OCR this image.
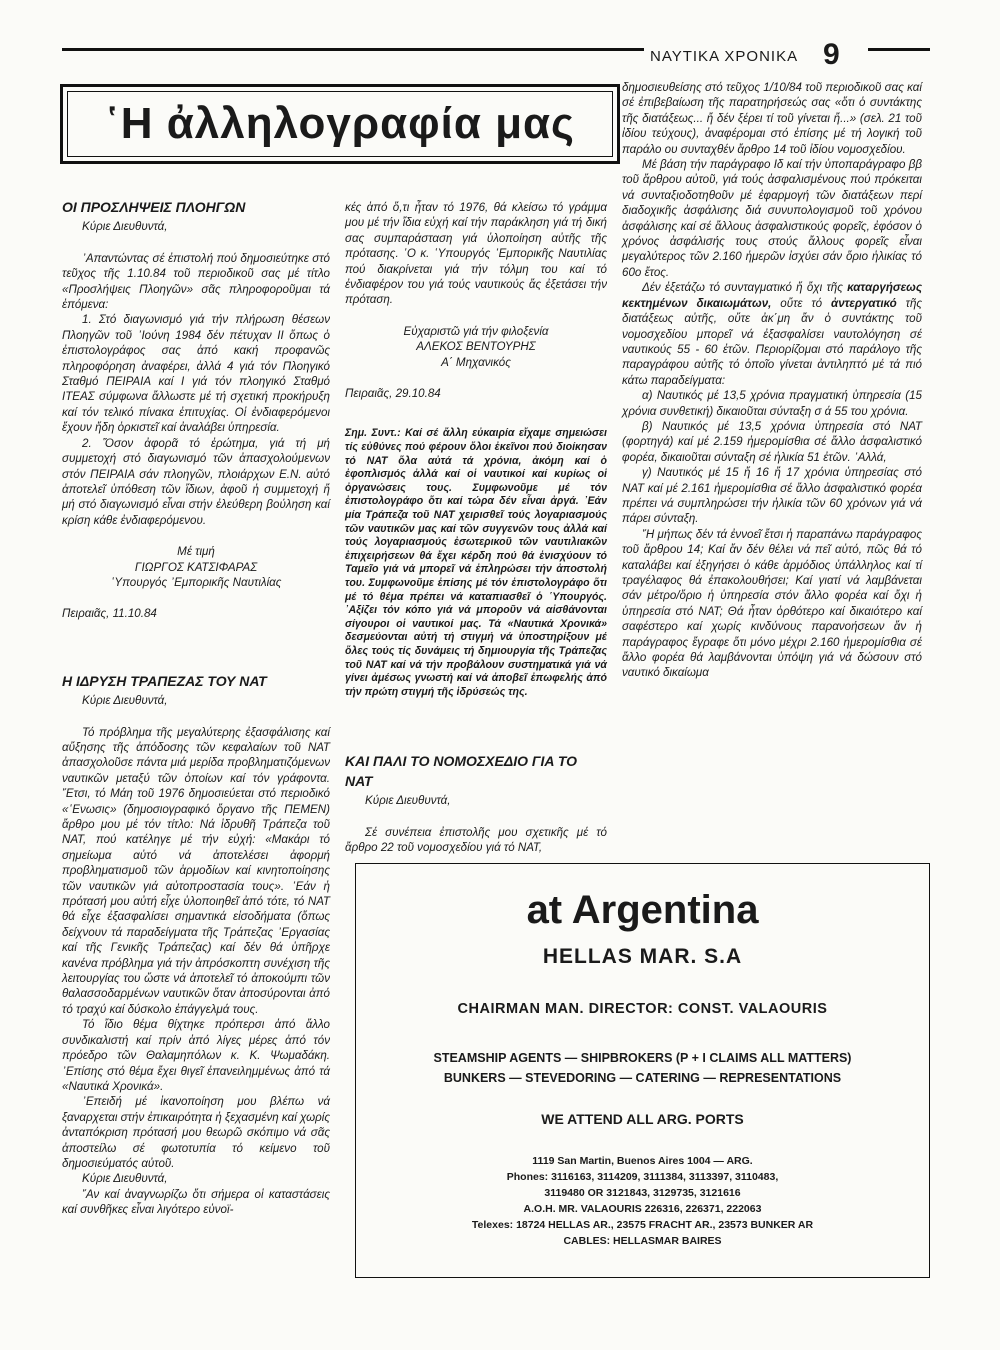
ΝΑΥΤΙΚΑ ΧΡΟΝΙΚΑ 9
῾Η ἀλληλογραφία μας

ΟΙ ΠΡΟΣΛΗΨΕΙΣ ΠΛΟΗΓΩΝ

Κύριε Διευθυντά,

᾿Απαντώντας σέ ἐπιστολή πού δημοσιεύτηκε στό τεῦχος τῆς 1.10.84 τοῦ περιοδικοῦ σας μέ τίτλο «Προσλήψεις Πλοηγῶν» σᾶς πληροφοροῦμαι τά ἑπόμενα:

1. Στό διαγωνισμό γιά τήν πλήρωση θέσεων Πλοηγῶν τοῦ ᾿Ιούνη 1984 δέν πέτυχαν ΙΙ ὅπως ὁ ἐπιστολογράφος σας ἀπό κακή προφανῶς πληροφόρηση ἀναφέρει, ἀλλά 4 γιά τόν Πλοηγικό Σταθμό ΠΕΙΡΑΙΑ καί Ι γιά τόν πλοηγικό Σταθμό ΙΤΕΑΣ σύμφωνα ἄλλωστε μέ τή σχετική προκήρυξη καί τόν τελικό πίνακα ἐπιτυχίας. Οἱ ἐνδιαφερόμενοι ἔχουν ἤδη ὁρκιστεῖ καί ἀναλάβει ὑπηρεσία.

2. Ὅσον ἀφορᾶ τό ἐρώτημα, γιά τή μή συμμετοχή στό διαγωνισμό τῶν ἀπασχολούμενων στόν ΠΕΙΡΑΙΑ σάν πλοηγῶν, πλοιάρχων Ε.Ν. αὐτό ἀποτελεῖ ὑπόθεση τῶν ἴδιων, ἀφοῦ ἡ συμμετοχή ἤ μή στό διαγωνισμό εἶναι στήν ἐλεύθερη βούληση καί κρίση κάθε ἐνδιαφερόμενου.

Μέ τιμή

ΓΙΩΡΓΟΣ ΚΑΤΣΙΦΑΡΑΣ

῾Υπουργός ᾿Εμπορικῆς Ναυτιλίας

Πειραιᾶς, 11.10.84

Η ΙΔΡΥΣΗ ΤΡΑΠΕΖΑΣ ΤΟΥ ΝΑΤ

Κύριε Διευθυντά,

Τό πρόβλημα τῆς μεγαλύτερης ἐξασφάλισης καί αὔξησης τῆς ἀπόδοσης τῶν κεφαλαίων τοῦ ΝΑΤ ἀπασχολοῦσε πάντα μιά μερίδα προβληματιζόμενων ναυτικῶν μεταξύ τῶν ὁποίων καί τόν γράφοντα. ῎Ετσι, τό Μάη τοῦ 1976 δημοσιεύεται στό περιοδικό «῾Ενωσις» (δημοσιογραφικό ὄργανο τῆς ΠΕΜΕΝ) ἄρθρο μου μέ τόν τίτλο: Νά ἱδρυθῆ Τράπεζα τοῦ ΝΑΤ, πού κατέληγε μέ τήν εὐχή: «Μακάρι τό σημείωμα αὐτό νά ἀποτελέσει ἀφορμή προβληματισμοῦ τῶν ἁρμοδίων καί κινητοποίησης τῶν ναυτικῶν γιά αὐτοπροστασία τους». ᾿Εάν ἡ πρότασή μου αὐτή εἶχε ὑλοποιηθεῖ ἀπό τότε, τό ΝΑΤ θά εἶχε ἐξασφαλίσει σημαντικά εἰσοδήματα (ὅπως δείχνουν τά παραδείγματα τῆς Τράπεζας ᾿Εργασίας καί τῆς Γενικῆς Τράπεζας) καί δέν θά ὑπῆρχε κανένα πρόβλημα γιά τήν ἀπρόσκοπτη συνέχιση τῆς λειτουργίας του ὥστε νά ἀποτελεῖ τό ἀποκούμπι τῶν θαλασσοδαρμένων ναυτικῶν ὅταν ἀποσύρονται ἀπό τό τραχύ καί δύσκολο ἐπάγγελμά τους.

Τό ἴδιο θέμα θίχτηκε πρόπερσι ἀπό ἄλλο συνδικαλιστή καί πρίν ἀπό λίγες μέρες ἀπό τόν πρόεδρο τῶν Θαλαμηπόλων κ. Κ. Ψωμαδάκη. ᾿Επίσης στό θέμα ἔχει θιγεῖ ἐπανειλημμένως ἀπό τά «Ναυτικά Χρονικά».

᾿Επειδή μέ ἱκανοποίηση μου βλέπω νά ξαναρχεται στήν ἐπικαιρότητα ἡ ξεχασμένη καί χωρίς ἀνταπόκριση πρότασή μου θεωρῶ σκόπιμο νά σᾶς ἀποστείλω σέ φωτοτυπία τό κείμενο τοῦ δημοσιεύματός αὐτοῦ.

Κύριε Διευθυντά,

῎Αν καί ἀναγνωρίζω ὅτι σήμερα οἱ καταστάσεις καί συνθῆκες εἶναι λιγότερο εὐνοϊ-

κές ἀπό ὅ,τι ἦταν τό 1976, θά κλείσω τό γράμμα μου μέ τήν ἴδια εὐχή καί τήν παράκληση γιά τή δική σας συμπαράσταση γιά ὑλοποίηση αὐτῆς τῆς πρότασης. ῾Ο κ. ῾Υπουργός ᾿Εμπορικῆς Ναυτιλίας πού διακρίνεται γιά τήν τόλμη του καί τό ἐνδιαφέρον του γιά τούς ναυτικούς ἄς ἐξετάσει τήν πρόταση.

Εὐχαριστῶ γιά τήν φιλοξενία

ΑΛΕΚΟΣ ΒΕΝΤΟΥΡΗΣ

Α΄ Μηχανικός

Πειραιᾶς, 29.10.84

Σημ. Συντ.: Καί σέ ἄλλη εὐκαιρία εἴχαμε σημειώσει τίς εὐθύνες πού φέρουν ὅλοι ἐκεῖνοι πού διοίκησαν τό ΝΑΤ ὅλα αὐτά τά χρόνια, ἀκόμη καί ὁ ἐφοπλισμός ἀλλά καί οἱ ναυτικοί καί κυρίως οἱ ὀργανώσεις τους. Συμφωνοῦμε μέ τόν ἐπιστολογράφο ὅτι καί τώρα δέν εἶναι ἀργά. ᾿Εάν μία Τράπεζα τοῦ ΝΑΤ χειρισθεῖ τούς λογαριασμούς τῶν ναυτικῶν μας καί τῶν συγγενῶν τους ἀλλά καί τούς λογαριασμούς ἐσωτερικοῦ τῶν ναυτιλιακῶν ἐπιχειρήσεων θά ἔχει κέρδη πού θά ἐνισχύουν τό Ταμεῖο γιά νά μπορεῖ νά ἐπληρώσει τήν ἀποστολή του. Συμφωνοῦμε ἐπίσης μέ τόν ἐπιστολογράφο ὅτι μέ τό θέμα πρέπει νά καταπιασθεῖ ὁ ῾Υπουργός. ᾿Αξίζει τόν κόπο γιά νά μποροῦν νά αἰσθάνονται σίγουροι οἱ ναυτικοί μας. Τά «Ναυτικά Χρονικά» δεσμεύονται αὐτή τή στιγμή νά ὑποστηρίξουν μέ ὅλες τούς τίς δυνάμεις τή δημιουργία τῆς Τράπεζας τοῦ ΝΑΤ καί νά τήν προβάλουν συστηματικά γιά νά γίνει ἀμέσως γνωστή καί νά ἀποβεῖ ἐπωφελής ἀπό τήν πρώτη στιγμή τῆς ἱδρύσεώς της.

ΚΑΙ ΠΑΛΙ ΤΟ ΝΟΜΟΣΧΕΔΙΟ ΓΙΑ ΤΟ ΝΑΤ

Κύριε Διευθυντά,

Σέ συνέπεια ἐπιστολῆς μου σχετικῆς μέ τό ἄρθρο 22 τοῦ νομοσχεδίου γιά τό ΝΑΤ,

δημοσιευθείσης στό τεῦχος 1/10/84 τοῦ περιοδικοῦ σας καί σέ ἐπιβεβαίωση τῆς παρατηρήσεώς σας «ὅτι ὁ συντάκτης τῆς διατάξεως... ἤ δέν ξέρει τί τοῦ γίνεται ἤ...» (σελ. 21 τοῦ ἰδίου τεύχους), ἀναφέρομαι στό ἐπίσης μέ τή λογική τοῦ παράλο ου συνταχθέν ἄρθρο 14 τοῦ ἰδίου νομοσχεδίου.

Μέ βάση τήν παράγραφο Ιδ καί τήν ὑποπαράγραφο ββ τοῦ ἄρθρου αὐτοῦ, γιά τούς ἀσφαλισμένους πού πρόκειται νά συνταξιοδοτηθοῦν μέ ἐφαρμογή τῶν διατάξεων περί διαδοχικῆς ἀσφάλισης διά συνυπολογισμοῦ τοῦ χρόνου ἀσφάλισης καί σέ ἄλλους ἀσφαλιστικούς φορεῖς, ἐφόσον ὁ χρόνος ἀσφάλισής τους στούς ἄλλους φορεῖς εἶναι μεγαλύτερος τῶν 2.160 ἡμερῶν ἰσχύει σάν ὅριο ἡλικίας τό 60ο ἔτος.

Δέν ἐξετάζω τό συνταγματικό ἤ ὄχι τῆς καταργήσεως κεκτημένων δικαιωμάτων, οὔτε τό ἀντεργατικό τῆς διατάξεως αὐτῆς, οὔτε ἀκ΄μη ἄν ὁ συντάκτης τοῦ νομοσχεδίου μπορεῖ νά ἐξασφαλίσει ναυτολόγηση σέ ναυτικούς 55 - 60 ἐτῶν. Περιορίζομαι στό παράλογο τῆς παραγράφου αὐτῆς τό ὁποῖο γίνεται ἀντιληπτό μέ τά πιό κάτω παραδείγματα:

α) Ναυτικός μέ 13,5 χρόνια πραγματική ὑπηρεσία (15 χρόνια συνθετική) δικαιοῦται σύνταξη σ ά 55 του χρόνια.

β) Ναυτικός μέ 13,5 χρόνια ὑπηρεσία στό ΝΑΤ (φορτηγά) καί μέ 2.159 ἡμερομίσθια σέ ἄλλο ἀσφαλιστικό φορέα, δικαιοῦται σύνταξη σέ ἡλικία 51 ἐτῶν. ᾿Αλλά,

γ) Ναυτικός μέ 15 ἤ 16 ἤ 17 χρόνια ὑπηρεσίας στό ΝΑΤ καί μέ 2.161 ἡμερομίσθια σέ ἄλλο ἀσφαλιστικό φορέα πρέπει νά συμπληρώσει τήν ἡλικία τῶν 60 χρόνων γιά νά πάρει σύνταξη.

῞Η μήπως δέν τά ἐννοεῖ ἔτσι ἡ παραπάνω παράγραφος τοῦ ἄρθρου 14; Καί ἄν δέν θέλει νά πεῖ αὐτό, πῶς θά τό καταλάβει καί ἐξηγήσει ὁ κάθε ἁρμόδιος ὑπάλληλος καί τί τραγέλαφος θά ἐπακολουθήσει; Καί γιατί νά λαμβάνεται σάν μέτρο/ὅριο ἡ ὑπηρεσία στόν ἄλλο φορέα καί ὄχι ἡ ὑπηρεσία στό ΝΑΤ; Θά ἦταν ὀρθότερο καί δικαιότερο καί σαφέστερο καί χωρίς κινδύνους παρανοήσεων ἄν ἡ παράγραφος ἔγραφε ὅτι μόνο μέχρι 2.160 ἡμερομίσθια σέ ἄλλο φορέα θά λαμβάνονται ὑπόψη γιά νά δώσουν στό ναυτικό δικαίωμα

at Argentina
HELLAS MAR. S.A
CHAIRMAN MAN. DIRECTOR: CONST. VALAOURIS
STEAMSHIP AGENTS — SHIPBROKERS (P + I CLAIMS ALL MATTERS)
BUNKERS — STEVEDORING — CATERING — REPRESENTATIONS
WE ATTEND ALL ARG. PORTS
1119 San Martin, Buenos Aires 1004 — ARG.
Phones: 3116163, 3114209, 3111384, 3113397, 3110483,
3119480 OR 3121843, 3129735, 3121616
A.O.H. MR. VALAOURIS 226316, 226371, 222063
Telexes: 18724 HELLAS AR., 23575 FRACHT AR., 23573 BUNKER AR
CABLES: HELLASMAR BAIRES
